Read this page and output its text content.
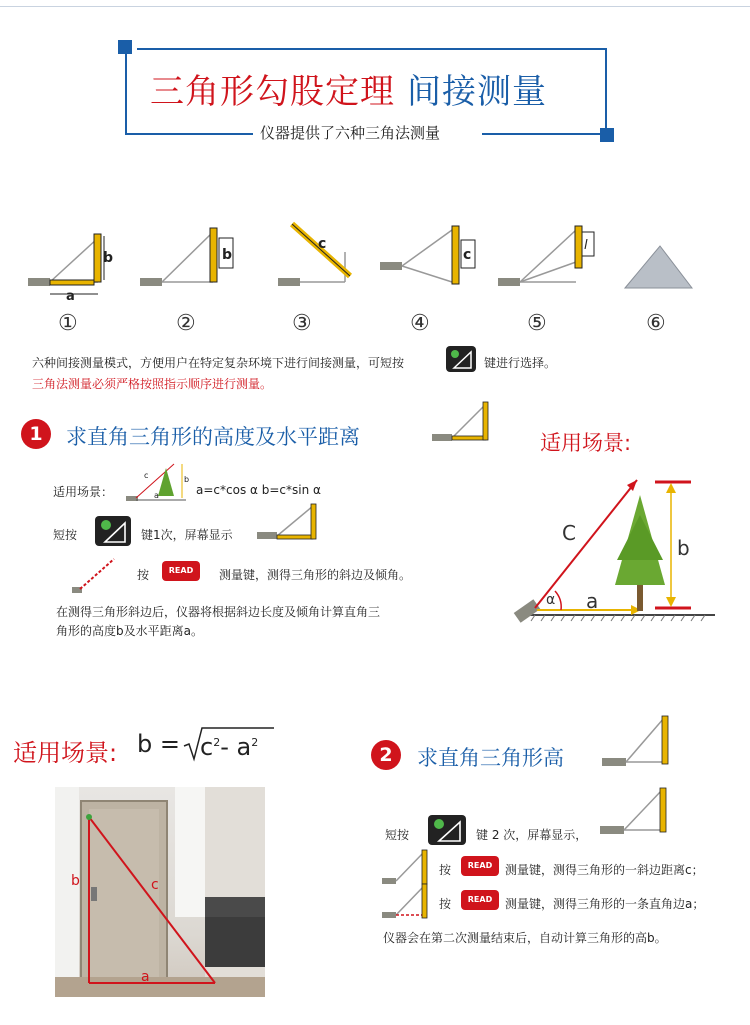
三角形勾股定理 间接测量
仪器提供了六种三角法测量
b
a
b
c
c
l
①	②	③	④	⑤	⑥
六种间接测量模式，方便用户在特定复杂环境下进行间接测量，可短按	键进行选择。
三角法测量必须严格按照指示顺序进行测量。
1	求直角三角形的高度及水平距离	适用场景:
适用场景：
c	b
a	a=c*cos α b=c*sin α
短按	键1次，屏幕显示
按	READ	测量键，测得三角形的斜边及倾角。
在测得三角形斜边后，仪器将根据斜边长度及倾角计算直角三
角形的高度b及水平距离a。
C
b
a
α
适用场景: $b = c^2-$ $a^2$
2	求直角三角形高
短按	键 2 次，屏幕显示，
按	READ	测量键，测得三角形的一斜边距离c；
按	READ	测量键，测得三角形的一条直角边a；
仪器会在第二次测量结束后，自动计算三角形的高b。
b	c
a
